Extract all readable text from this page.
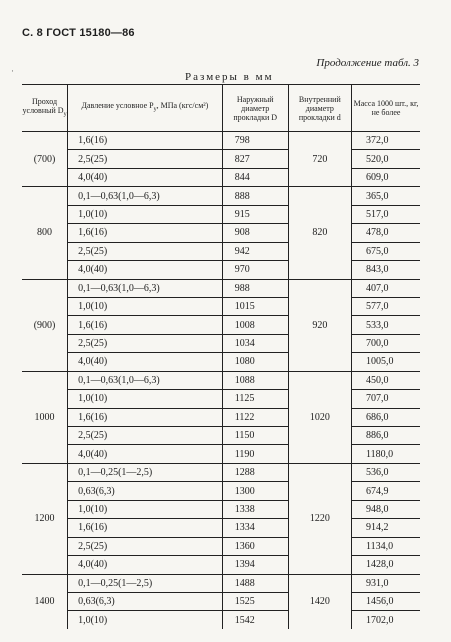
С. 8 ГОСТ 15180—86
Продолжение табл. 3
Размеры в мм
·
Проход условный $D_y$	Давление условное $P_y$, МПа (кгс/см²)	Наружный диаметр прокладки D	Внутренний диаметр прокладки d	Масса 1000 шт., кг, не более
(700)	1,6(16)	798	720	372,0
	2,5(25)	827		520,0
	4,0(40)	844		609,0
800	0,1—0,63(1,0—6,3)	888	820	365,0
	1,0(10)	915		517,0
	1,6(16)	908		478,0
	2,5(25)	942		675,0
	4,0(40)	970		843,0
(900)	0,1—0,63(1,0—6,3)	988	920	407,0
	1,0(10)	1015		577,0
	1,6(16)	1008		533,0
	2,5(25)	1034		700,0
	4,0(40)	1080		1005,0
1000	0,1—0,63(1,0—6,3)	1088	1020	450,0
	1,0(10)	1125		707,0
	1,6(16)	1122		686,0
	2,5(25)	1150		886,0
	4,0(40)	1190		1180,0
1200	0,1—0,25(1—2,5)	1288	1220	536,0
	0,63(6,3)	1300		674,9
	1,0(10)	1338		948,0
	1,6(16)	1334		914,2
	2,5(25)	1360		1134,0
	4,0(40)	1394		1428,0
1400	0,1—0,25(1—2,5)	1488	1420	931,0
	0,63(6,3)	1525		1456,0
	1,0(10)	1542		1702,0
